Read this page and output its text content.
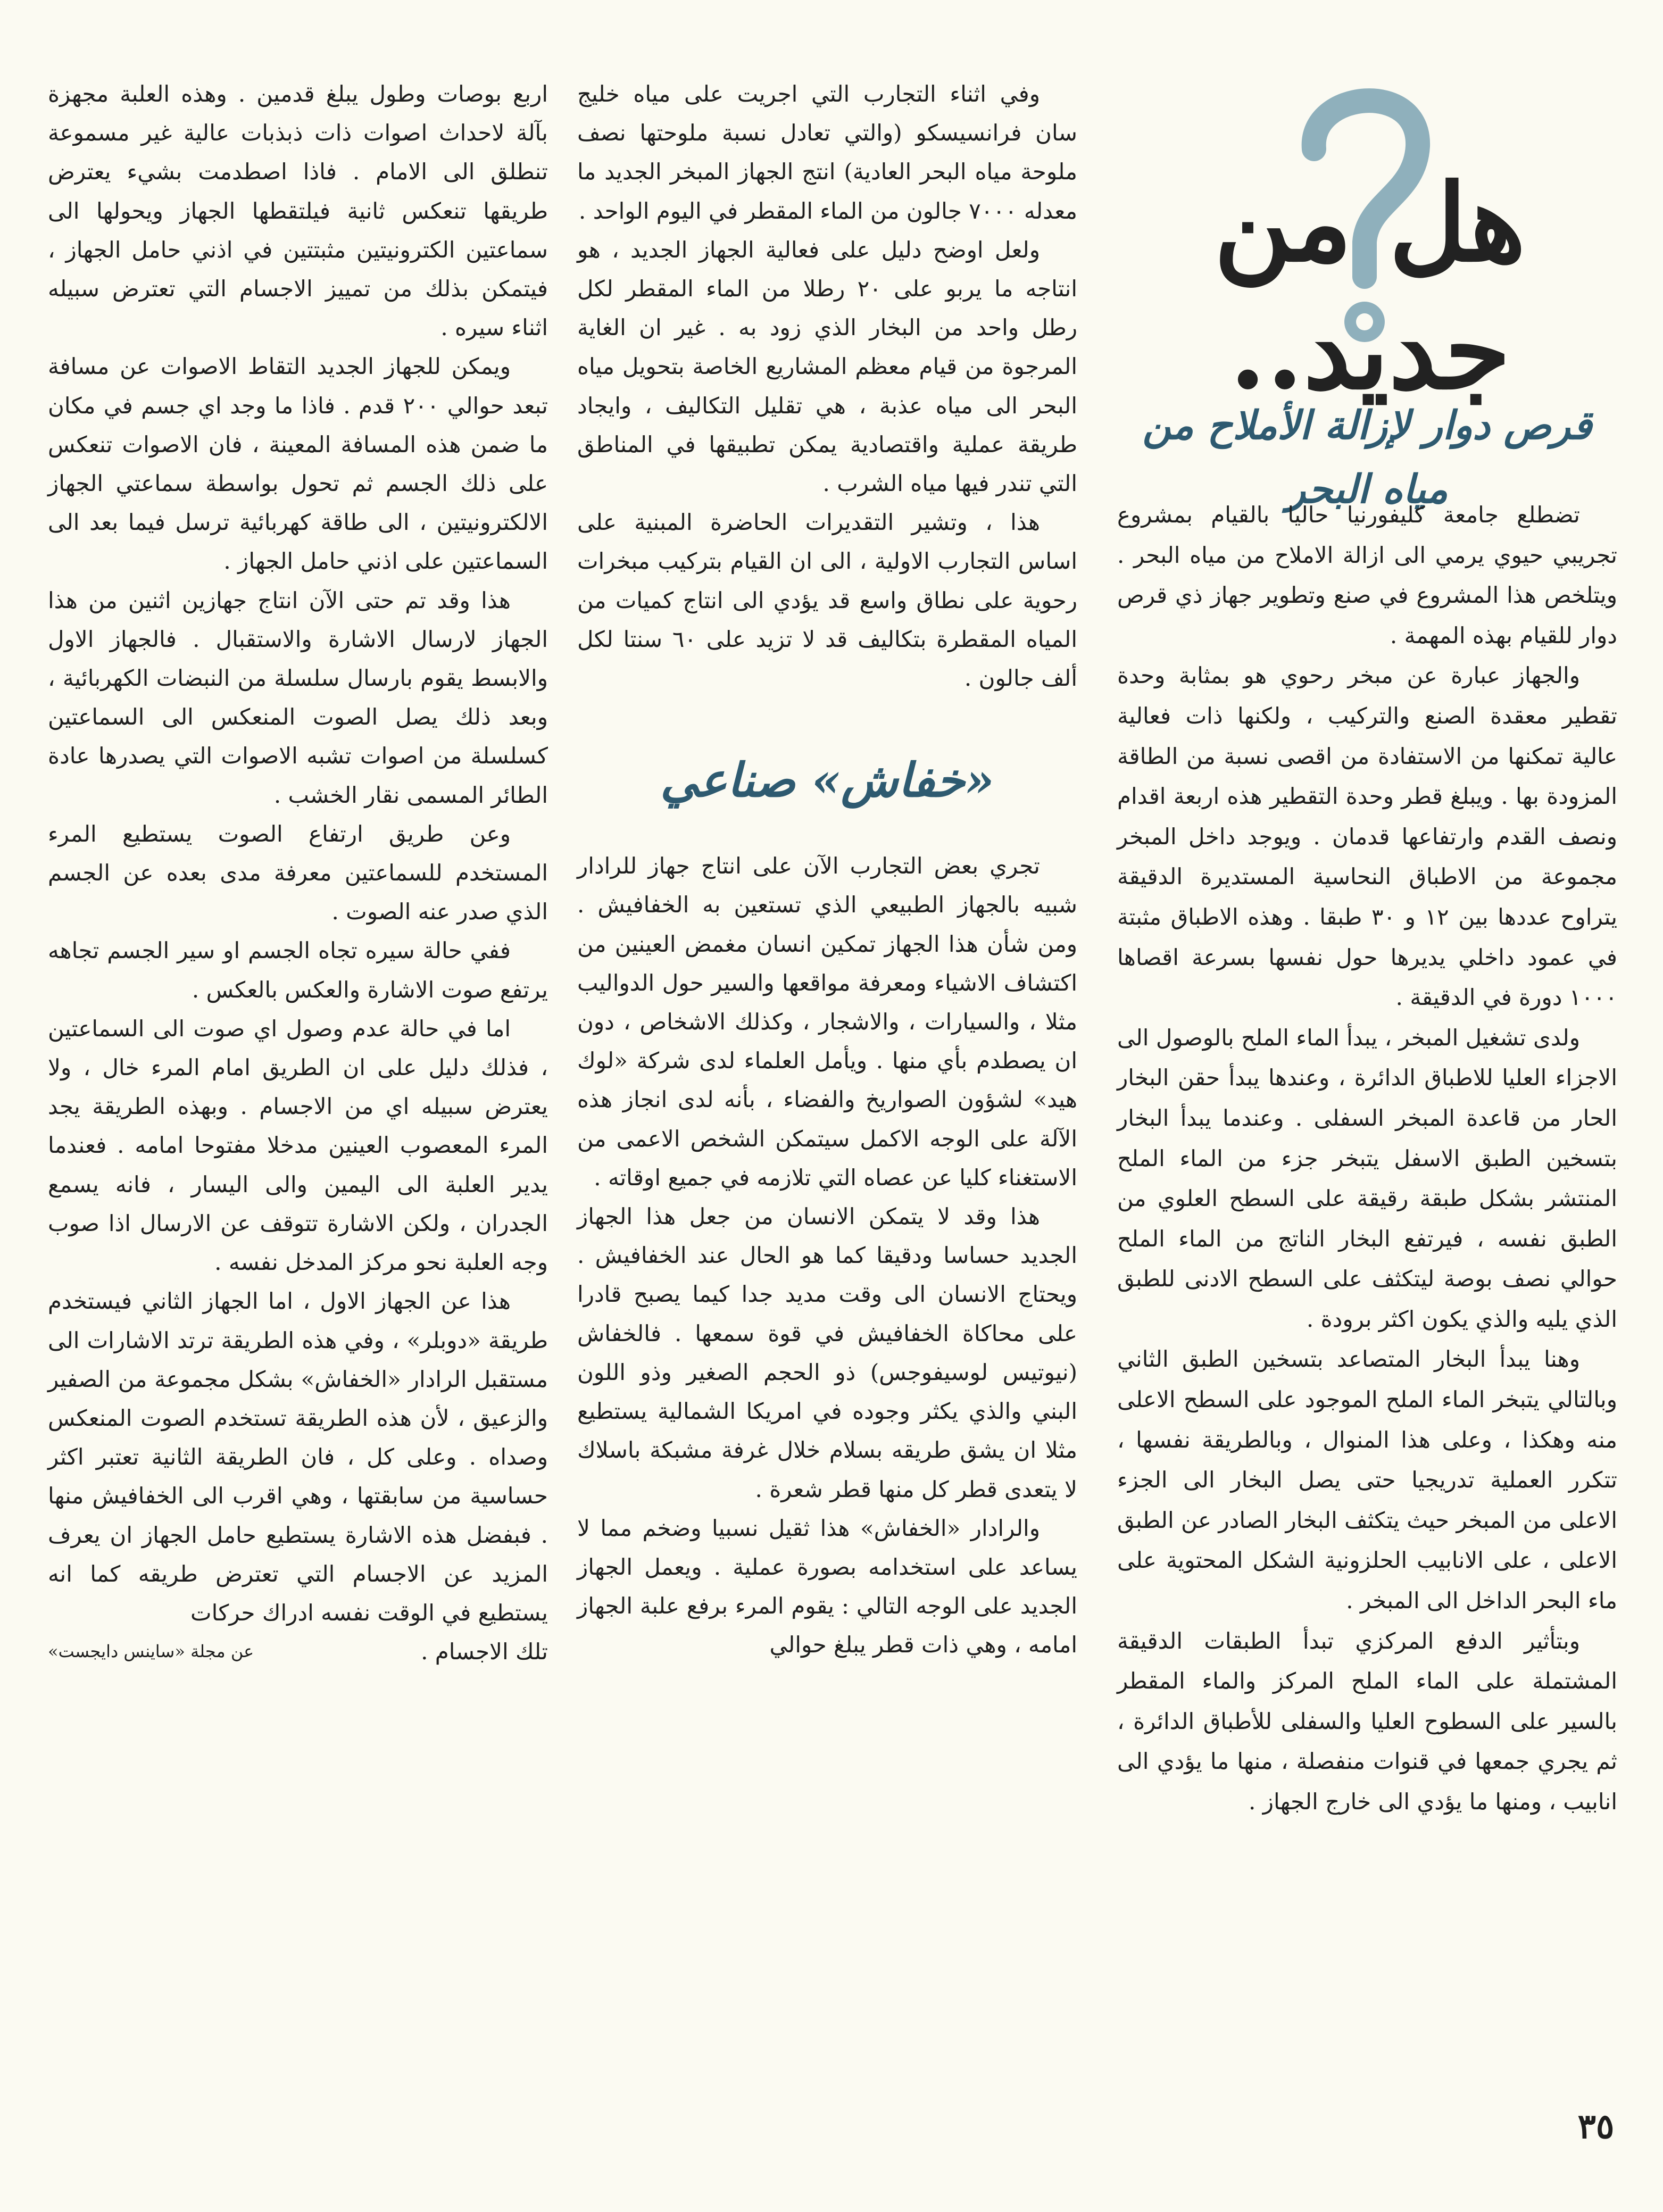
هل من جديد..
قرص دوار لإزالة الأملاح من مياه البحر

تضطلع جامعة كليفورنيا حاليا بالقيام بمشروع تجريبي حيوي يرمي الى ازالة الاملاح من مياه البحر . ويتلخص هذا المشروع في صنع وتطوير جهاز ذي قرص دوار للقيام بهذه المهمة .

والجهاز عبارة عن مبخر رحوي هو بمثابة وحدة تقطير معقدة الصنع والتركيب ، ولكنها ذات فعالية عالية تمكنها من الاستفادة من اقصى نسبة من الطاقة المزودة بها . ويبلغ قطر وحدة التقطير هذه اربعة اقدام ونصف القدم وارتفاعها قدمان . ويوجد داخل المبخر مجموعة من الاطباق النحاسية المستديرة الدقيقة يتراوح عددها بين ١٢ و ٣٠ طبقا . وهذه الاطباق مثبتة في عمود داخلي يديرها حول نفسها بسرعة اقصاها ١٠٠٠ دورة في الدقيقة .

ولدى تشغيل المبخر ، يبدأ الماء الملح بالوصول الى الاجزاء العليا للاطباق الدائرة ، وعندها يبدأ حقن البخار الحار من قاعدة المبخر السفلى . وعندما يبدأ البخار بتسخين الطبق الاسفل يتبخر جزء من الماء الملح المنتشر بشكل طبقة رقيقة على السطح العلوي من الطبق نفسه ، فيرتفع البخار الناتج من الماء الملح حوالي نصف بوصة ليتكثف على السطح الادنى للطبق الذي يليه والذي يكون اكثر برودة .

وهنا يبدأ البخار المتصاعد بتسخين الطبق الثاني وبالتالي يتبخر الماء الملح الموجود على السطح الاعلى منه وهكذا ، وعلى هذا المنوال ، وبالطريقة نفسها ، تتكرر العملية تدريجيا حتى يصل البخار الى الجزء الاعلى من المبخر حيث يتكثف البخار الصادر عن الطبق الاعلى ، على الانابيب الحلزونية الشكل المحتوية على ماء البحر الداخل الى المبخر .

وبتأثير الدفع المركزي تبدأ الطبقات الدقيقة المشتملة على الماء الملح المركز والماء المقطر بالسير على السطوح العليا والسفلى للأطباق الدائرة ، ثم يجري جمعها في قنوات منفصلة ، منها ما يؤدي الى انابيب ، ومنها ما يؤدي الى خارج الجهاز .

وفي اثناء التجارب التي اجريت على مياه خليج سان فرانسيسكو (والتي تعادل نسبة ملوحتها نصف ملوحة مياه البحر العادية) انتج الجهاز المبخر الجديد ما معدله ٧٠٠٠ جالون من الماء المقطر في اليوم الواحد .

ولعل اوضح دليل على فعالية الجهاز الجديد ، هو انتاجه ما يربو على ٢٠ رطلا من الماء المقطر لكل رطل واحد من البخار الذي زود به . غير ان الغاية المرجوة من قيام معظم المشاريع الخاصة بتحويل مياه البحر الى مياه عذبة ، هي تقليل التكاليف ، وايجاد طريقة عملية واقتصادية يمكن تطبيقها في المناطق التي تندر فيها مياه الشرب .

هذا ، وتشير التقديرات الحاضرة المبنية على اساس التجارب الاولية ، الى ان القيام بتركيب مبخرات رحوية على نطاق واسع قد يؤدي الى انتاج كميات من المياه المقطرة بتكاليف قد لا تزيد على ٦٠ سنتا لكل ألف جالون .

«خفاش» صناعي

تجري بعض التجارب الآن على انتاج جهاز للرادار شبيه بالجهاز الطبيعي الذي تستعين به الخفافيش . ومن شأن هذا الجهاز تمكين انسان مغمض العينين من اكتشاف الاشياء ومعرفة مواقعها والسير حول الدواليب مثلا ، والسيارات ، والاشجار ، وكذلك الاشخاص ، دون ان يصطدم بأي منها . ويأمل العلماء لدى شركة «لوك هيد» لشؤون الصواريخ والفضاء ، بأنه لدى انجاز هذه الآلة على الوجه الاكمل سيتمكن الشخص الاعمى من الاستغناء كليا عن عصاه التي تلازمه في جميع اوقاته .

هذا وقد لا يتمكن الانسان من جعل هذا الجهاز الجديد حساسا ودقيقا كما هو الحال عند الخفافيش . ويحتاج الانسان الى وقت مديد جدا كيما يصبح قادرا على محاكاة الخفافيش في قوة سمعها . فالخفاش (نيوتيس لوسيفوجس) ذو الحجم الصغير وذو اللون البني والذي يكثر وجوده في امريكا الشمالية يستطيع مثلا ان يشق طريقه بسلام خلال غرفة مشبكة باسلاك لا يتعدى قطر كل منها قطر شعرة .

والرادار «الخفاش» هذا ثقيل نسبيا وضخم مما لا يساعد على استخدامه بصورة عملية . ويعمل الجهاز الجديد على الوجه التالي : يقوم المرء برفع علبة الجهاز امامه ، وهي ذات قطر يبلغ حوالي

اربع بوصات وطول يبلغ قدمين . وهذه العلبة مجهزة بآلة لاحداث اصوات ذات ذبذبات عالية غير مسموعة تنطلق الى الامام . فاذا اصطدمت بشيء يعترض طريقها تنعكس ثانية فيلتقطها الجهاز ويحولها الى سماعتين الكترونيتين مثبتتين في اذني حامل الجهاز ، فيتمكن بذلك من تمييز الاجسام التي تعترض سبيله اثناء سيره .

ويمكن للجهاز الجديد التقاط الاصوات عن مسافة تبعد حوالي ٢٠٠ قدم . فاذا ما وجد اي جسم في مكان ما ضمن هذه المسافة المعينة ، فان الاصوات تنعكس على ذلك الجسم ثم تحول بواسطة سماعتي الجهاز الالكترونيتين ، الى طاقة كهربائية ترسل فيما بعد الى السماعتين على اذني حامل الجهاز .

هذا وقد تم حتى الآن انتاج جهازين اثنين من هذا الجهاز لارسال الاشارة والاستقبال . فالجهاز الاول والابسط يقوم بارسال سلسلة من النبضات الكهربائية ، وبعد ذلك يصل الصوت المنعكس الى السماعتين كسلسلة من اصوات تشبه الاصوات التي يصدرها عادة الطائر المسمى نقار الخشب .

وعن طريق ارتفاع الصوت يستطيع المرء المستخدم للسماعتين معرفة مدى بعده عن الجسم الذي صدر عنه الصوت .

ففي حالة سيره تجاه الجسم او سير الجسم تجاهه يرتفع صوت الاشارة والعكس بالعكس .

اما في حالة عدم وصول اي صوت الى السماعتين ، فذلك دليل على ان الطريق امام المرء خال ، ولا يعترض سبيله اي من الاجسام . وبهذه الطريقة يجد المرء المعصوب العينين مدخلا مفتوحا امامه . فعندما يدير العلبة الى اليمين والى اليسار ، فانه يسمع الجدران ، ولكن الاشارة تتوقف عن الارسال اذا صوب وجه العلبة نحو مركز المدخل نفسه .

هذا عن الجهاز الاول ، اما الجهاز الثاني فيستخدم طريقة «دوبلر» ، وفي هذه الطريقة ترتد الاشارات الى مستقبل الرادار «الخفاش» بشكل مجموعة من الصفير والزعيق ، لأن هذه الطريقة تستخدم الصوت المنعكس وصداه . وعلى كل ، فان الطريقة الثانية تعتبر اكثر حساسية من سابقتها ، وهي اقرب الى الخفافيش منها . فبفضل هذه الاشارة يستطيع حامل الجهاز ان يعرف المزيد عن الاجسام التي تعترض طريقه كما انه يستطيع في الوقت نفسه ادراك حركات

تلك الاجسام .
عن مجلة «ساينس دايجست»
٣٥
